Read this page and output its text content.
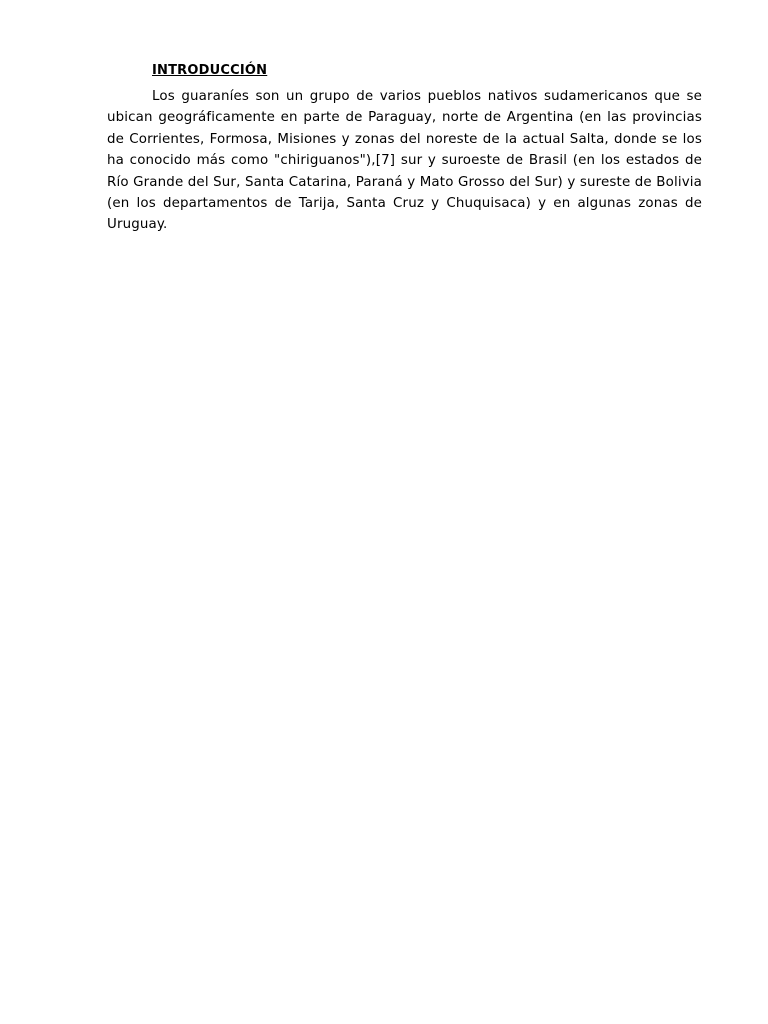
INTRODUCCIÓN

Los guaraníes son un grupo de varios pueblos nativos sudamericanos que se ubican geográficamente en parte de Paraguay, norte de Argentina (en las provincias de Corrientes, Formosa, Misiones y zonas del noreste de la actual Salta, donde se los ha conocido más como "chiriguanos"),[7] sur y suroeste de Brasil (en los estados de Río Grande del Sur, Santa Catarina, Paraná y Mato Grosso del Sur) y sureste de Bolivia (en los departamentos de Tarija, Santa Cruz y Chuquisaca) y en algunas zonas de Uruguay.
